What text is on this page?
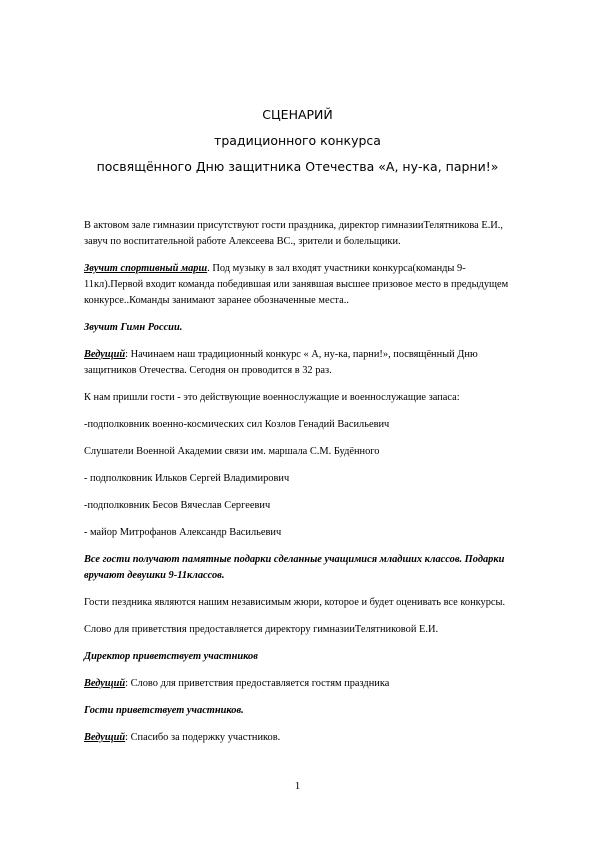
СЦЕНАРИЙ
традиционного конкурса
посвящённого Дню защитника Отечества «А, ну-ка, парни!»

В актовом зале гимназии присутствуют гости праздника, директор гимназииТелятникова Е.И., завуч по воспитательной работе Алексеева ВС., зрители и болельщики.

Звучит спортивный марш. Под музыку в зал входят участники конкурса(команды 9-11кл).Первой входит команда победившая или занявшая высшее призовое место в предыдущем конкурсе..Команды занимают заранее обозначенные места..

Звучит Гимн России.

Ведущий: Начинаем наш традиционный конкурс « А, ну-ка, парни!», посвящённый Дню защитников Отечества. Сегодня он проводится в 32 раз.

К нам пришли гости - это действующие военнослужащие и военнослужащие запаса:

-подполковник военно-космических сил Козлов Генадий Васильевич

Слушатели Военной Академии связи им. маршала С.М. Будённого

- подполковник Ильков Сергей Владимирович

-подполковник Бесов Вячеслав Сергеевич

- майор Митрофанов Александр Васильевич

Все гости получают памятные подарки сделанные учащимися младших классов. Подарки вручают девушки 9-11классов.

Гости пездника являются нашим независимым жюри, которое и будет оценивать все конкурсы.

Слово для приветствия предоставляется директору гимназииТелятниковой Е.И.

Директор приветствует участников

Ведущий: Слово для приветствия предоставляется гостям праздника

Гости приветствует участников.

Ведущий: Спасибо за подержку участников.

1
